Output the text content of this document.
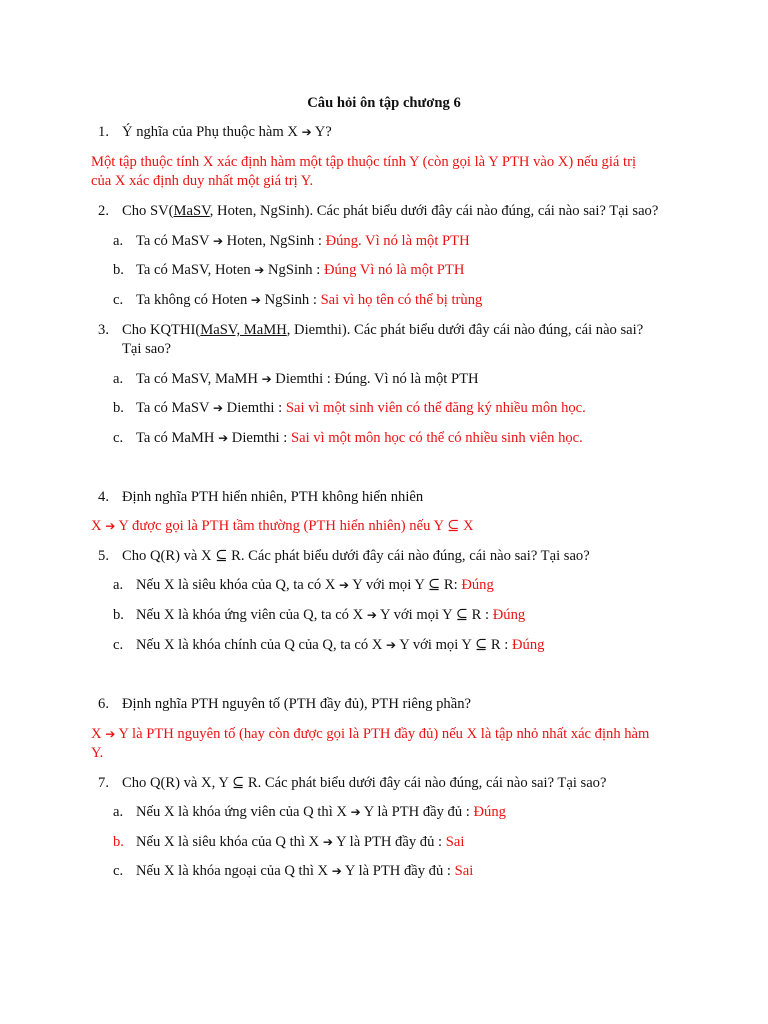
Câu hỏi ôn tập chương 6
1. Ý nghĩa của Phụ thuộc hàm X ➔ Y?
Một tập thuộc tính X xác định hàm một tập thuộc tính Y (còn gọi là Y PTH vào X) nếu giá trị
của X xác định duy nhất một giá trị Y.
2. Cho SV(MaSV, Hoten, NgSinh). Các phát biểu dưới đây cái nào đúng, cái nào sai? Tại sao?
a. Ta có MaSV ➔ Hoten, NgSinh : Đúng. Vì nó là một PTH
b. Ta có MaSV, Hoten ➔ NgSinh : Đúng Vì nó là một PTH
c. Ta không có Hoten ➔ NgSinh : Sai vì họ tên có thể bị trùng
3. Cho KQTHI(MaSV, MaMH, Diemthi). Các phát biểu dưới đây cái nào đúng, cái nào sai?
Tại sao?
a. Ta có MaSV, MaMH ➔ Diemthi : Đúng. Vì nó là một PTH
b. Ta có MaSV ➔ Diemthi : Sai vì một sinh viên có thể đăng ký nhiều môn học.
c. Ta có MaMH ➔ Diemthi : Sai vì một môn học có thể có nhiều sinh viên học.
4. Định nghĩa PTH hiển nhiên, PTH không hiển nhiên
X ➔ Y được gọi là PTH tầm thường (PTH hiển nhiên) nếu Y ⊆ X
5. Cho Q(R) và X ⊆ R. Các phát biểu dưới đây cái nào đúng, cái nào sai? Tại sao?
a. Nếu X là siêu khóa của Q, ta có X ➔ Y với mọi Y ⊆ R: Đúng
b. Nếu X là khóa ứng viên của Q, ta có X ➔ Y với mọi Y ⊆ R : Đúng
c. Nếu X là khóa chính của Q của Q, ta có X ➔ Y với mọi Y ⊆ R : Đúng
6. Định nghĩa PTH nguyên tố (PTH đầy đủ), PTH riêng phần?
X ➔ Y là PTH nguyên tố (hay còn được gọi là PTH đầy đủ) nếu X là tập nhỏ nhất xác định hàm
Y.
7. Cho Q(R) và X, Y ⊆ R. Các phát biểu dưới đây cái nào đúng, cái nào sai? Tại sao?
a. Nếu X là khóa ứng viên của Q thì X ➔ Y là PTH đầy đủ : Đúng
b. Nếu X là siêu khóa của Q thì X ➔ Y là PTH đầy đủ : Sai
c. Nếu X là khóa ngoại của Q thì X ➔ Y là PTH đầy đủ : Sai
